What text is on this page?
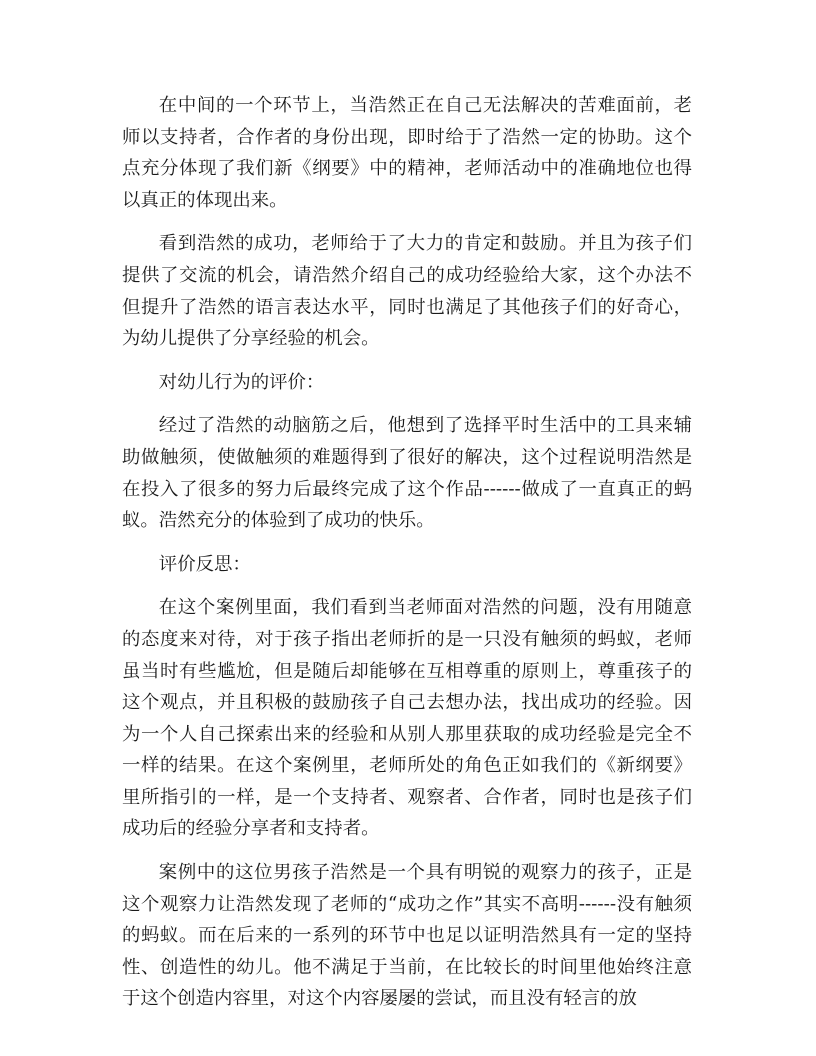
在中间的一个环节上，当浩然正在自己无法解决的苦难面前，老师以支持者，合作者的身份出现，即时给于了浩然一定的协助。这个点充分体现了我们新《纲要》中的精神，老师活动中的准确地位也得以真正的体现出来。

看到浩然的成功，老师给于了大力的肯定和鼓励。并且为孩子们提供了交流的机会，请浩然介绍自己的成功经验给大家，这个办法不但提升了浩然的语言表达水平，同时也满足了其他孩子们的好奇心，为幼儿提供了分享经验的机会。

对幼儿行为的评价：

经过了浩然的动脑筋之后，他想到了选择平时生活中的工具来辅助做触须，使做触须的难题得到了很好的解决，这个过程说明浩然是在投入了很多的努力后最终完成了这个作品------做成了一直真正的蚂蚁。浩然充分的体验到了成功的快乐。

评价反思：

在这个案例里面，我们看到当老师面对浩然的问题，没有用随意的态度来对待，对于孩子指出老师折的是一只没有触须的蚂蚁，老师虽当时有些尴尬，但是随后却能够在互相尊重的原则上，尊重孩子的这个观点，并且积极的鼓励孩子自己去想办法，找出成功的经验。因为一个人自己探索出来的经验和从别人那里获取的成功经验是完全不一样的结果。在这个案例里，老师所处的角色正如我们的《新纲要》里所指引的一样，是一个支持者、观察者、合作者，同时也是孩子们成功后的经验分享者和支持者。

案例中的这位男孩子浩然是一个具有明锐的观察力的孩子，正是这个观察力让浩然发现了老师的“成功之作”其实不高明------没有触须的蚂蚁。而在后来的一系列的环节中也足以证明浩然具有一定的坚持性、创造性的幼儿。他不满足于当前，在比较长的时间里他始终注意于这个创造内容里，对这个内容屡屡的尝试，而且没有轻言的放
